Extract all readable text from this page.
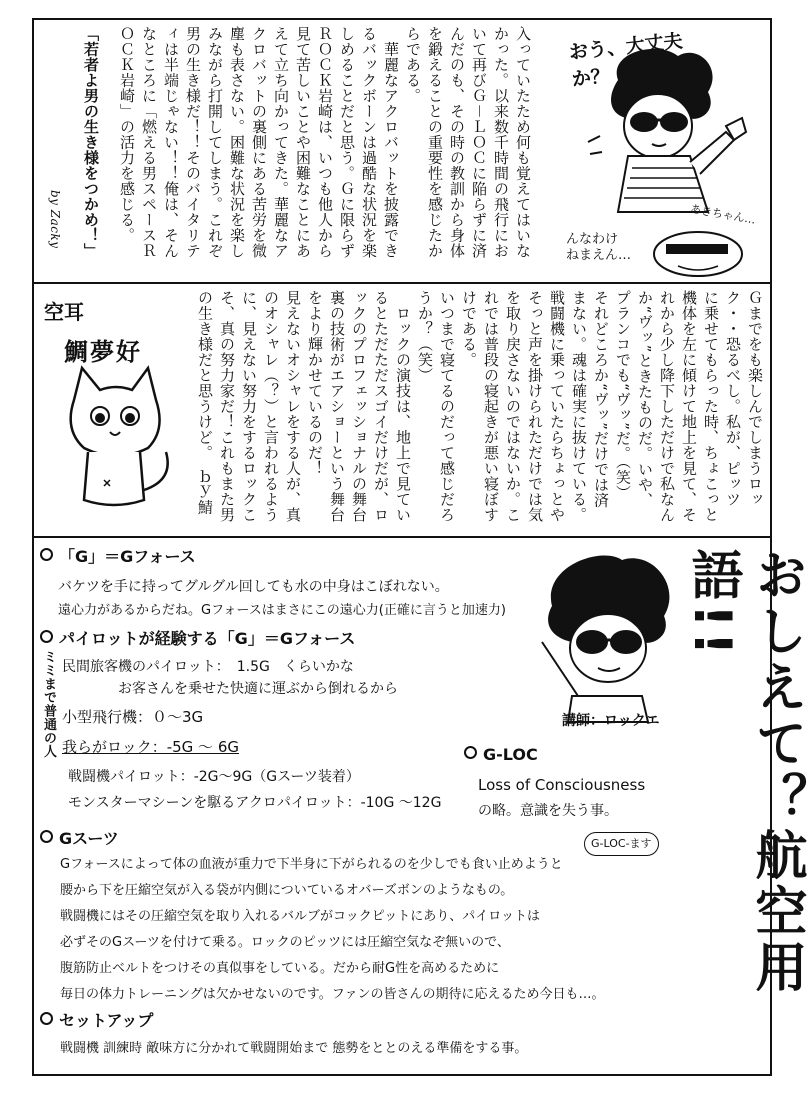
入っていたため何も覚えてはいな

かった。以来数千時間の飛行にお

いて再びＧ－ＬＯＣに陥らずに済

んだのも、その時の教訓から身体

を鍛えることの重要性を感じたか

らである。

　華麗なアクロバットを披露でき

るバックボーンは過酷な状況を楽

しめることだと思う。Ｇに限らず

ＲＯＣＫ岩崎は、いつも他人から

見て苦しいことや困難なことにあ

えて立ち向かってきた。華麗なア

クロバットの裏側にある苦労を微

塵も表さない。困難な状況を楽し

みながら打開してしまう。これぞ

男の生き様だ！！そのバイタリテ

ィは半端じゃない！！俺は、そん

なところに「燃える男スペースＲ

ＯＣＫ岩崎」の活力を感じる。

「若者よ男の生き様をつかめ！」

by Zacky
おう、大丈夫か？
あきちゃん…
んなわけ
ねまえん…

Ｇまでをも楽しんでしまうロッ

ク・・恐るべし。私が、ピッツ

に乗せてもらった時、ちょこっと

機体を左に傾けて地上を見て、そ

れから少し降下しただけで私なん

か“ヴッ”ときたものだ。いや、

プランコでも“ヴッ”だ。（笑）

それどころか“ヴッ”だけでは済

まない。魂は確実に抜けている。

戦闘機に乗っていたらちょっとや

そっと声を掛けられただけでは気

を取り戻さないのではないか。こ

れでは普段の寝起きが悪い寝ぼすけである。

いつまで寝てるのだって感じだろ

うか？（笑）

　ロックの演技は、地上で見てい

るとただただスゴイだけだが、ロ

ックのプロフェッショナルの舞台

裏の技術がエアショーという舞台

をより輝かせているのだ！

見えないオシャレをする人が、真

のオシャレ（？）と言われるよう

に、見えない努力をするロックこ

そ、真の努力家だ！これもまた男

の生き様だと思うけど。　ｂｙ鯖

空耳
鯛夢好
おしえて？航空用語!!
講師：ロックエ
「G」＝Gフォース
バケツを手に持ってグルグル回しても水の中身はこぼれない。
遠心力があるからだね。Gフォースはまさにこの遠心力(正確に言うと加速力)
パイロットが経験する「G」＝Gフォース
ミミまで普通の人 民間旅客機のパイロット：　1.5G　くらいかな
お客さんを乗せた快適に運ぶから倒れるから
小型飛行機：０～3G
我らがロック：-5G ～ 6G
戦闘機パイロット：-2G～9G（Gスーツ装着）
モンスターマシーンを駆るアクロパイロット：-10G ～12G
G-LOC
Loss of Consciousness
の略。意識を失う事。
G-LOC-ます
Gスーツ
Gフォースによって体の血液が重力で下半身に下がられるのを少しでも食い止めようと
腰から下を圧縮空気が入る袋が内側についているオバーズボンのようなもの。
戦闘機にはその圧縮空気を取り入れるバルブがコックピットにあり、パイロットは
必ずそのGスーツを付けて乗る。ロックのピッツには圧縮空気なぞ無いので、
腹筋防止ベルトをつけその真似事をしている。だから耐G性を高めるために
毎日の体力トレーニングは欠かせないのです。ファンの皆さんの期待に応えるため今日も…。
セットアップ
戦闘機 訓練時 敵味方に分かれて戦闘開始まで 態勢をととのえる準備をする事。
